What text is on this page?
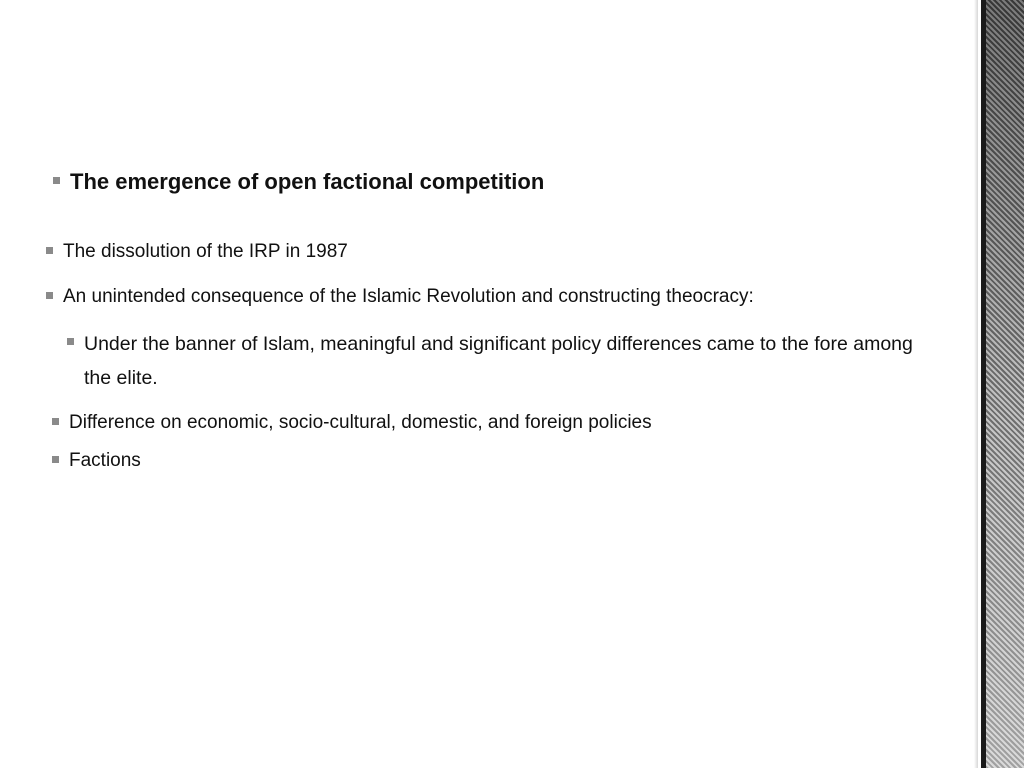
The emergence of open factional competition
The dissolution of the IRP in 1987
An unintended consequence of the Islamic Revolution and constructing theocracy:
Under the banner of Islam, meaningful and significant policy differences came to the fore among the elite.
Difference on economic, socio-cultural, domestic, and foreign policies
Factions
